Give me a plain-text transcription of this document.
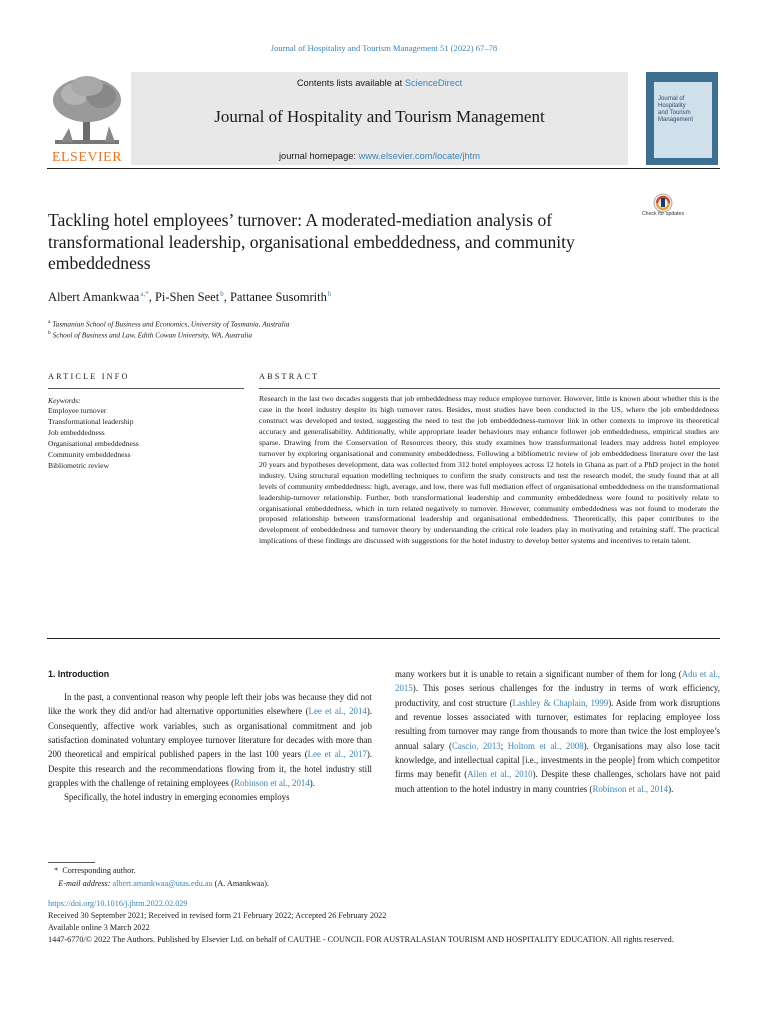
Journal of Hospitality and Tourism Management 51 (2022) 67–78
ELSEVIER
Contents lists available at ScienceDirect
Journal of Hospitality and Tourism Management
journal homepage: www.elsevier.com/locate/jhtm
Journal of
Hospitality
and Tourism
Management
Check for updates
Tackling hotel employees’ turnover: A moderated-mediation analysis of transformational leadership, organisational embeddedness, and community embeddedness
Albert Amankwaa $^{a,*}$, Pi-Shen Seet $^b$, Pattanee Susomrith $^b$
$^a$ Tasmanian School of Business and Economics, University of Tasmania, Australia
$^b$ School of Business and Law, Edith Cowan University, WA, Australia
ARTICLE INFO
Keywords:
Employee turnover
Transformational leadership
Job embeddedness
Organisational embeddedness
Community embeddedness
Bibliometric review
ABSTRACT
Research in the last two decades suggests that job embeddedness may reduce employee turnover. However, little is known about whether this is the case in the hotel industry despite its high turnover rates. Besides, most studies have been conducted in the US, where the job embeddedness construct was developed and tested, suggesting the need to test the job embeddedness-turnover link in other contexts to improve its theoretical accuracy and generalisability. Additionally, while appropriate leader behaviours may enhance follower job embeddedness, empirical studies are sparse. Drawing from the Conservation of Resources theory, this study examines how transformational leaders may address hotel employee turnover by exploring organisational and community embeddedness. Following a bibliometric review of job embeddedness literature over the last 20 years and hypotheses development, data was collected from 312 hotel employees across 12 hotels in Ghana as part of a PhD project in the hotel industry. Using structural equation modelling techniques to confirm the study constructs and test the research model, the study found that at all levels of community embeddedness: high, average, and low, there was full mediation effect of organisational embeddedness on the transformational leadership-turnover relationship. Further, both transformational leadership and community embeddedness were found to positively relate to organisational embeddedness, which in turn related negatively to turnover. However, community embeddedness was not found to moderate the proposed relationship between transformational leadership and organisational embeddedness. Theoretically, this paper contributes to the development of embeddedness and turnover theory by understanding the critical role leaders play in motivating and retaining staff. The practical implications of these findings are discussed with suggestions for the hotel industry to develop better systems and incentives to retain talent.
1. Introduction

In the past, a conventional reason why people left their jobs was because they did not like the work they did and/or had alternative opportunities elsewhere (Lee et al., 2014). Consequently, affective work variables, such as organisational commitment and job satisfaction dominated voluntary employee turnover literature for decades with more than 200 theoretical and empirical published papers in the last 100 years (Lee et al., 2017). Despite this research and the recommendations flowing from it, the hotel industry still grapples with the challenge of retaining employees (Robinson et al., 2014).

Specifically, the hotel industry in emerging economies employs

many workers but it is unable to retain a significant number of them for long (Adu et al., 2015). This poses serious challenges for the industry in terms of work efficiency, productivity, and cost structure (Lashley & Chaplain, 1999). Aside from work disruptions and revenue losses associated with turnover, estimates for replacing employee loss resulting from turnover may range from thousands to more than twice the lost employee’s annual salary (Cascio, 2013; Holtom et al., 2008). Organisations may also lose tacit knowledge, and intellectual capital [i.e., investments in the people] from which competitor firms may benefit (Allen et al., 2010). Despite these challenges, scholars have not paid much attention to the hotel industry in many countries (Robinson et al., 2014).

* Corresponding author.
E-mail address: albert.amankwaa@utas.edu.au (A. Amankwaa).
https://doi.org/10.1016/j.jhtm.2022.02.029
Received 30 September 2021; Received in revised form 21 February 2022; Accepted 26 February 2022
Available online 3 March 2022
1447-6770/© 2022 The Authors. Published by Elsevier Ltd. on behalf of CAUTHE - COUNCIL FOR AUSTRALASIAN TOURISM AND HOSPITALITY EDUCATION. All rights reserved.
